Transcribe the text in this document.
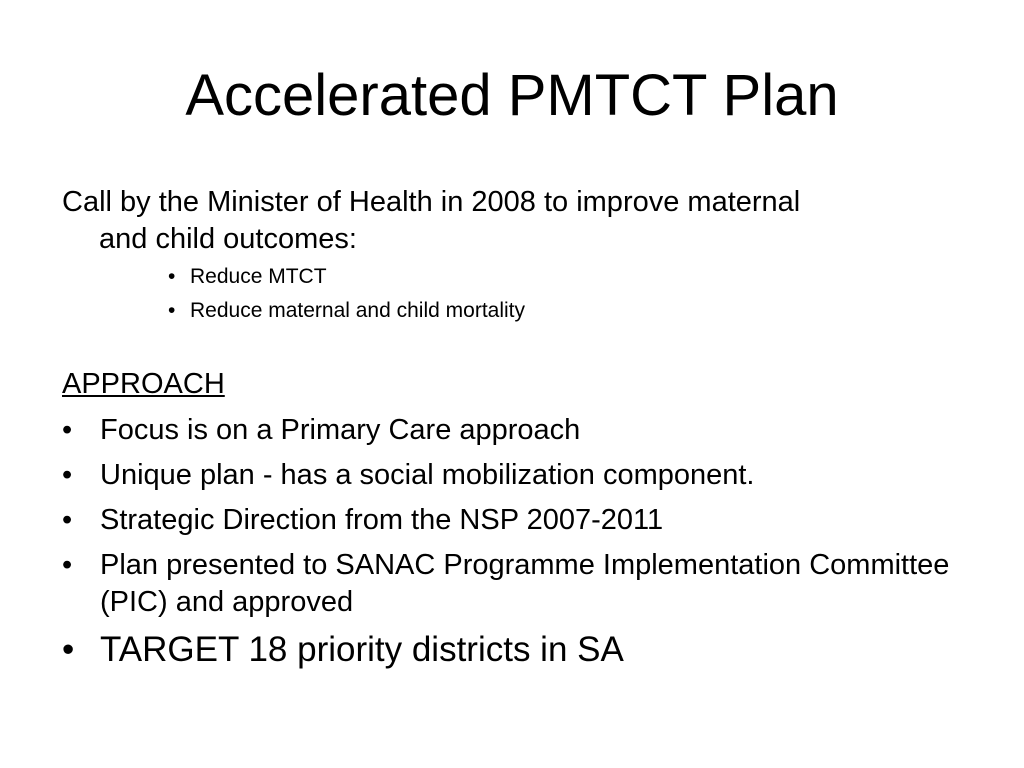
Accelerated PMTCT Plan
Call by the Minister of Health in 2008 to improve maternal
and child outcomes:
• Reduce MTCT
• Reduce maternal and child mortality
APPROACH
• Focus is on a Primary Care approach
• Unique plan - has a social mobilization component.
• Strategic Direction from the NSP 2007-2011
• Plan presented to SANAC Programme Implementation Committee (PIC) and approved
• TARGET 18 priority districts in SA
